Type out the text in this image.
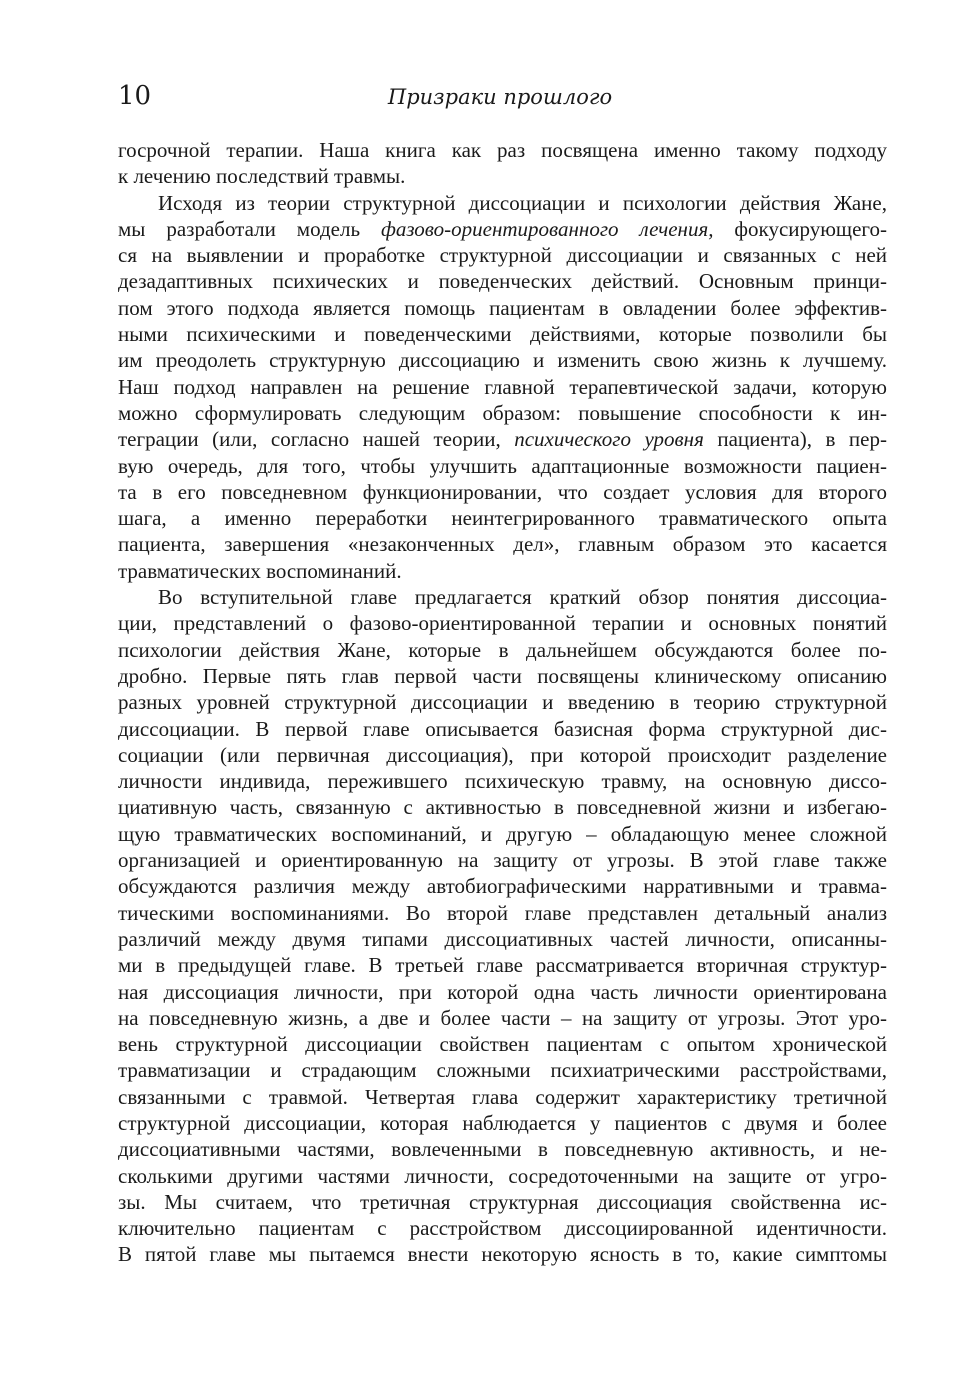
10	Призраки прошлого

госрочной терапии. Наша книга как раз посвящена именно такому подходу
к лечению последствий травмы.
Исходя из теории структурной диссоциации и психологии действия Жане,
мы разработали модель фазово-ориентированного лечения, фокусирующего-
ся на выявлении и проработке структурной диссоциации и связанных с ней
дезадаптивных психических и поведенческих действий. Основным принци-
пом этого подхода является помощь пациентам в овладении более эффектив-
ными психическими и поведенческими действиями, которые позволили бы
им преодолеть структурную диссоциацию и изменить свою жизнь к лучшему.
Наш подход направлен на решение главной терапевтической задачи, которую
можно сформулировать следующим образом: повышение способности к ин-
теграции (или, согласно нашей теории, психического уровня пациента), в пер-
вую очередь, для того, чтобы улучшить адаптационные возможности пациен-
та в его повседневном функционировании, что создает условия для второго
шага, а именно переработки неинтегрированного травматического опыта
пациента, завершения «незаконченных дел», главным образом это касается
травматических воспоминаний.
Во вступительной главе предлагается краткий обзор понятия диссоциа-
ции, представлений о фазово-ориентированной терапии и основных понятий
психологии действия Жане, которые в дальнейшем обсуждаются более по-
дробно. Первые пять глав первой части посвящены клиническому описанию
разных уровней структурной диссоциации и введению в теорию структурной
диссоциации. В первой главе описывается базисная форма структурной дис-
социации (или первичная диссоциация), при которой происходит разделение
личности индивида, пережившего психическую травму, на основную диссо-
циативную часть, связанную с активностью в повседневной жизни и избегаю-
щую травматических воспоминаний, и другую – обладающую менее сложной
организацией и ориентированную на защиту от угрозы. В этой главе также
обсуждаются различия между автобиографическими нарративными и травма-
тическими воспоминаниями. Во второй главе представлен детальный анализ
различий между двумя типами диссоциативных частей личности, описанны-
ми в предыдущей главе. В третьей главе рассматривается вторичная структур-
ная диссоциация личности, при которой одна часть личности ориентирована
на повседневную жизнь, а две и более части – на защиту от угрозы. Этот уро-
вень структурной диссоциации свойствен пациентам с опытом хронической
травматизации и страдающим сложными психиатрическими расстройствами,
связанными с травмой. Четвертая глава содержит характеристику третичной
структурной диссоциации, которая наблюдается у пациентов с двумя и более
диссоциативными частями, вовлеченными в повседневную активность, и не-
сколькими другими частями личности, сосредоточенными на защите от угро-
зы. Мы считаем, что третичная структурная диссоциация свойственна ис-
ключительно пациентам с расстройством диссоциированной идентичности.
В пятой главе мы пытаемся внести некоторую ясность в то, какие симптомы
